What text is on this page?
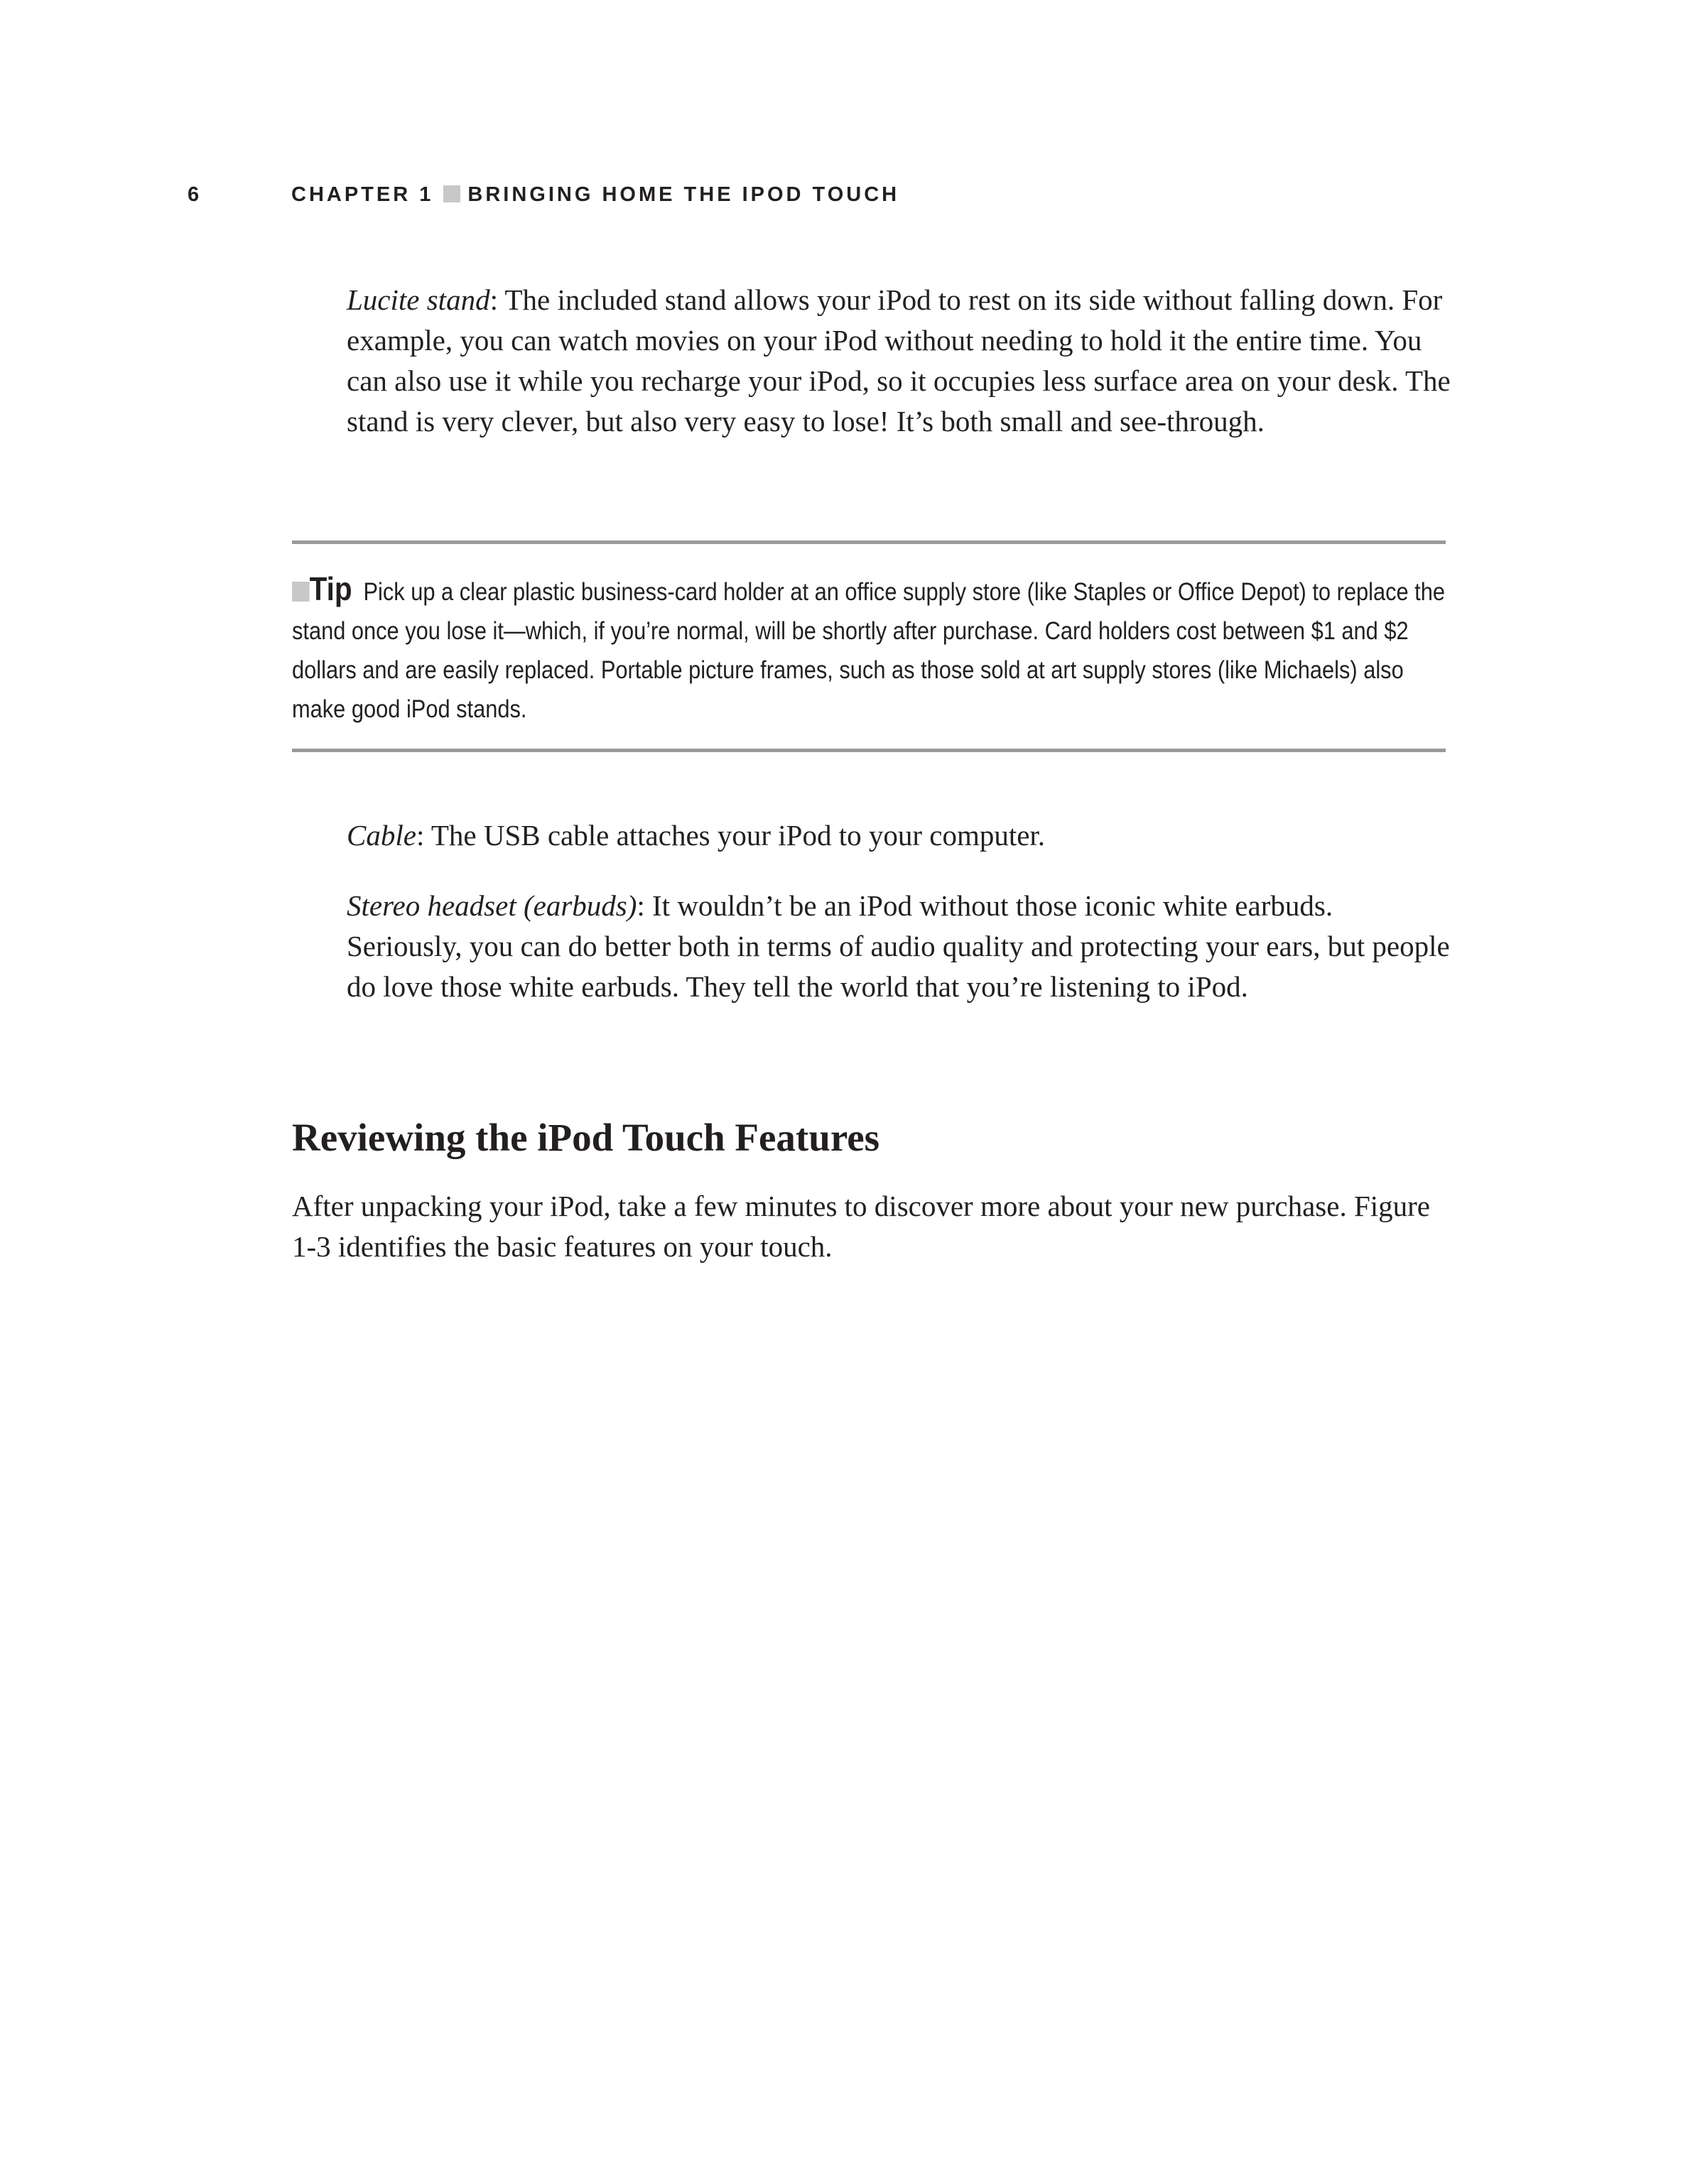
6	CHAPTER 1 BRINGING HOME THE IPOD TOUCH

Lucite stand: The included stand allows your iPod to rest on its side without falling down. For example, you can watch movies on your iPod without needing to hold it the entire time. You can also use it while you recharge your iPod, so it occupies less surface area on your desk. The stand is very clever, but also very easy to lose! It’s both small and see-through.

Tip Pick up a clear plastic business-card holder at an office supply store (like Staples or Office Depot) to replace the stand once you lose it—which, if you’re normal, will be shortly after purchase. Card holders cost between $1 and $2 dollars and are easily replaced. Portable picture frames, such as those sold at art supply stores (like Michaels) also make good iPod stands.

Cable: The USB cable attaches your iPod to your computer.

Stereo headset (earbuds): It wouldn’t be an iPod without those iconic white earbuds. Seriously, you can do better both in terms of audio quality and protecting your ears, but people do love those white earbuds. They tell the world that you’re listening to iPod.

Reviewing the iPod Touch Features

After unpacking your iPod, take a few minutes to discover more about your new purchase. Figure 1-3 identifies the basic features on your touch.
